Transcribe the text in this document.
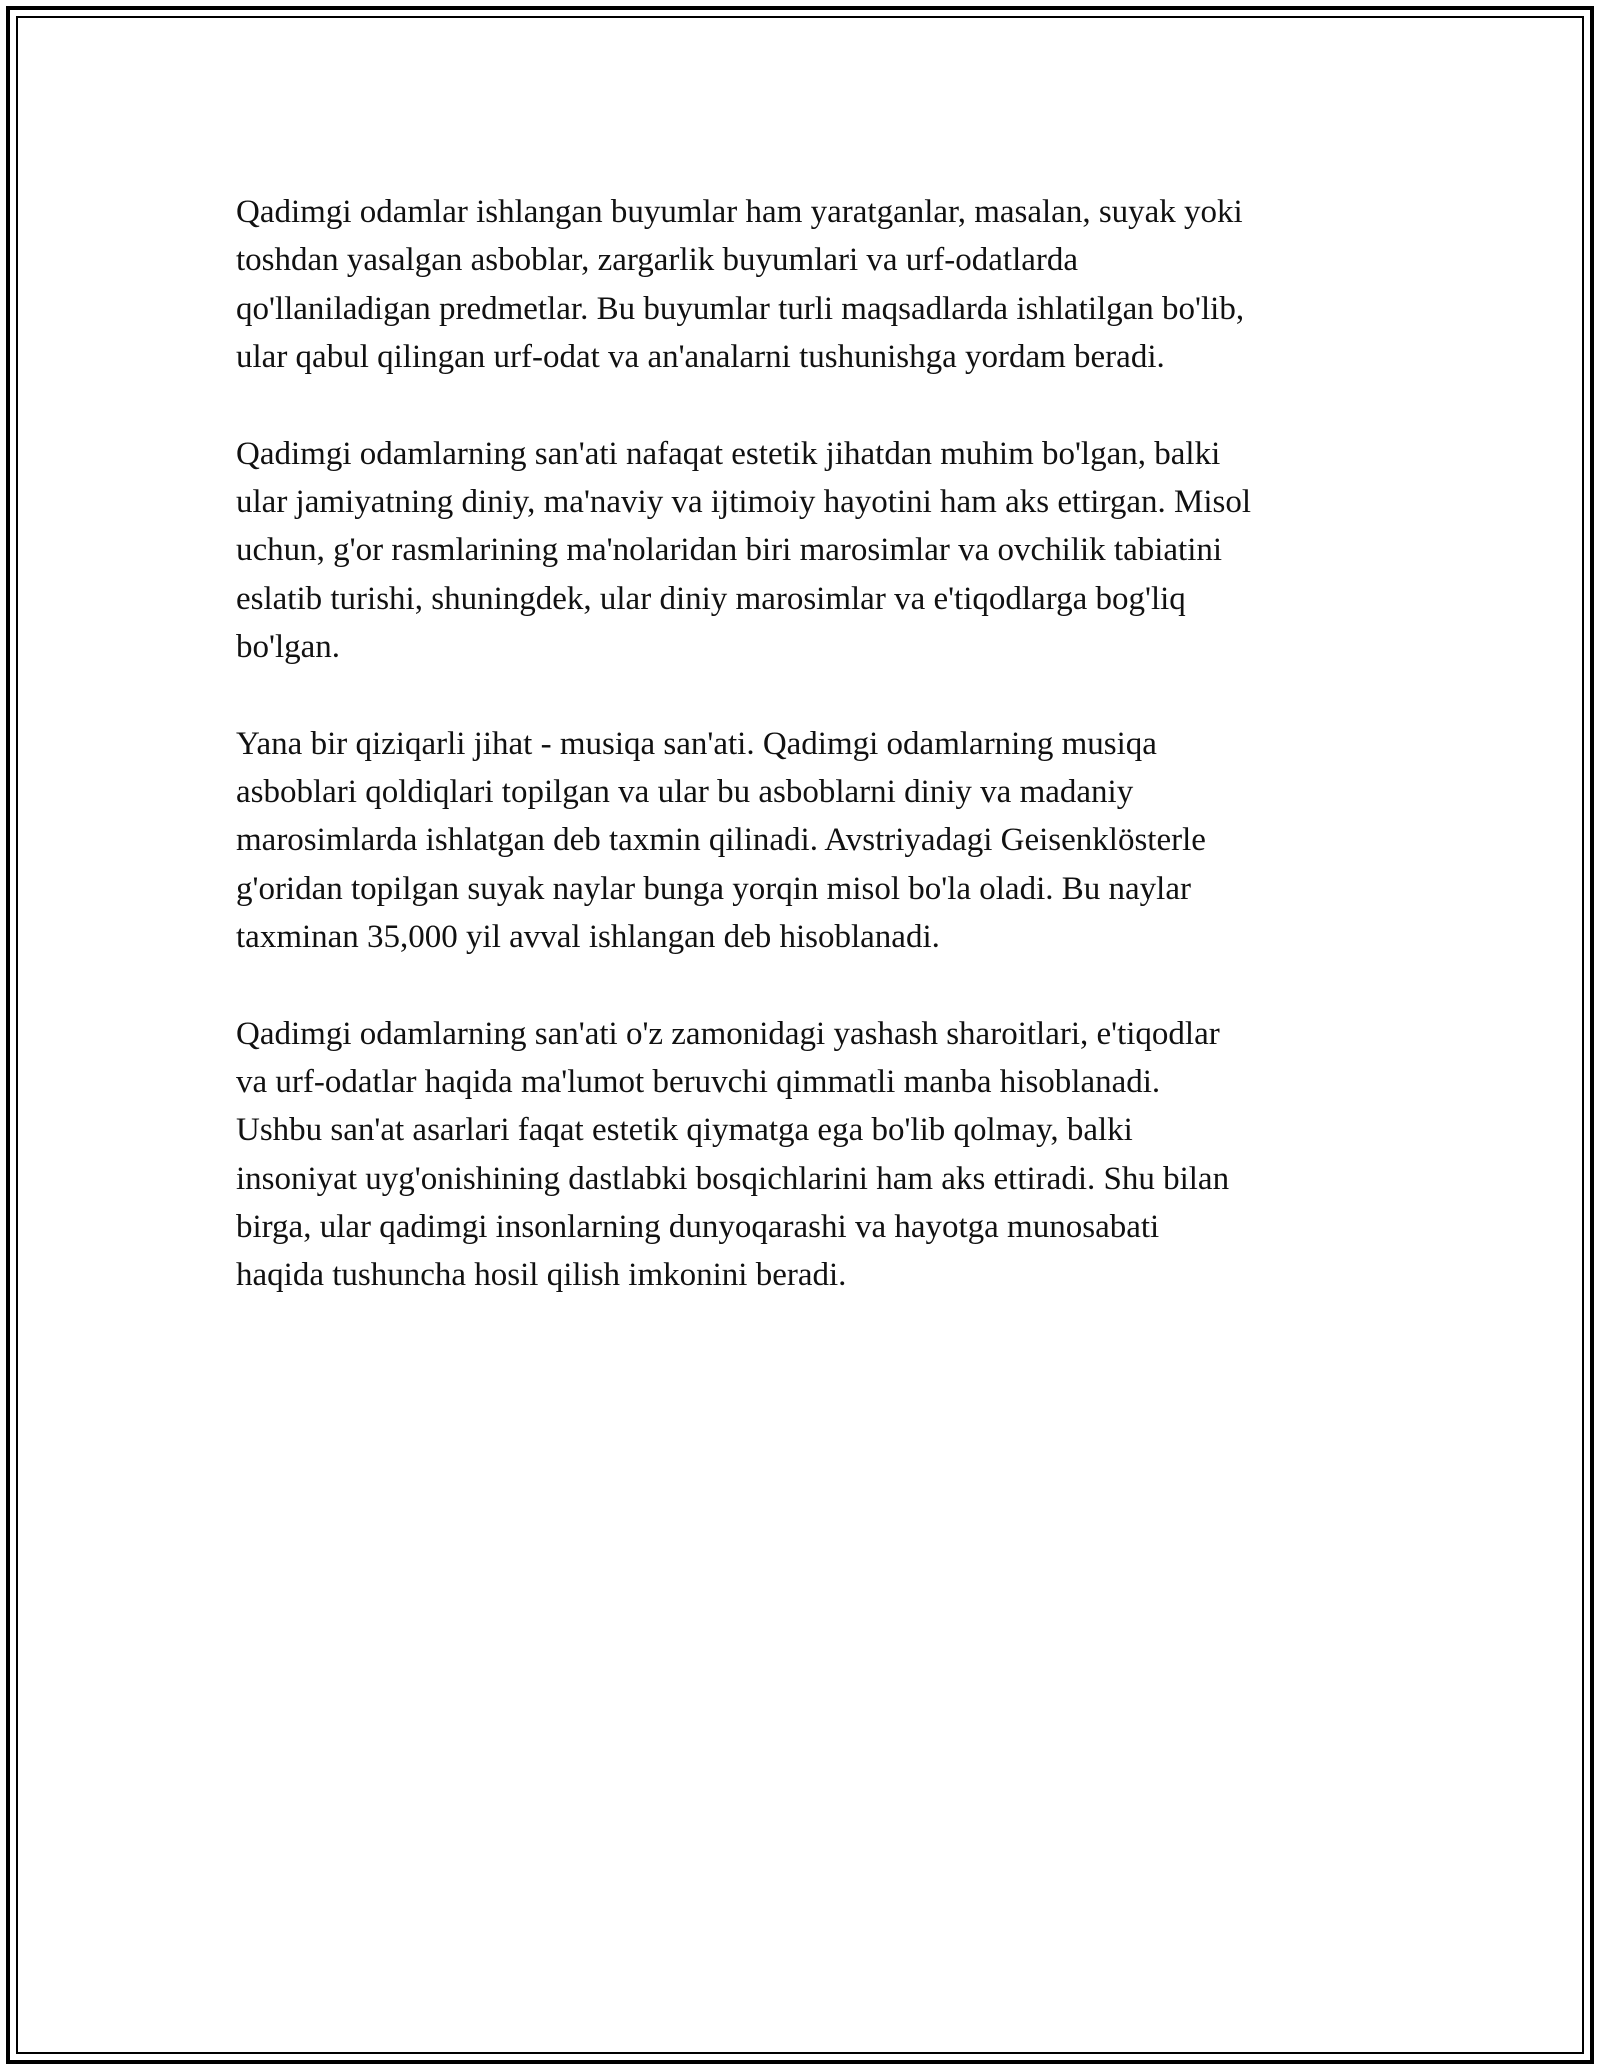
Qadimgi odamlar ishlangan buyumlar ham yaratganlar, masalan, suyak yoki
toshdan yasalgan asboblar, zargarlik buyumlari va urf-odatlarda
qo'llaniladigan predmetlar. Bu buyumlar turli maqsadlarda ishlatilgan bo'lib,
ular qabul qilingan urf-odat va an'analarni tushunishga yordam beradi.

Qadimgi odamlarning san'ati nafaqat estetik jihatdan muhim bo'lgan, balki
ular jamiyatning diniy, ma'naviy va ijtimoiy hayotini ham aks ettirgan. Misol
uchun, g'or rasmlarining ma'nolaridan biri marosimlar va ovchilik tabiatini
eslatib turishi, shuningdek, ular diniy marosimlar va e'tiqodlarga bog'liq
bo'lgan.

Yana bir qiziqarli jihat - musiqa san'ati. Qadimgi odamlarning musiqa
asboblari qoldiqlari topilgan va ular bu asboblarni diniy va madaniy
marosimlarda ishlatgan deb taxmin qilinadi. Avstriyadagi Geisenklösterle
g'oridan topilgan suyak naylar bunga yorqin misol bo'la oladi. Bu naylar
taxminan 35,000 yil avval ishlangan deb hisoblanadi.

Qadimgi odamlarning san'ati o'z zamonidagi yashash sharoitlari, e'tiqodlar
va urf-odatlar haqida ma'lumot beruvchi qimmatli manba hisoblanadi.
Ushbu san'at asarlari faqat estetik qiymatga ega bo'lib qolmay, balki
insoniyat uyg'onishining dastlabki bosqichlarini ham aks ettiradi. Shu bilan
birga, ular qadimgi insonlarning dunyoqarashi va hayotga munosabati
haqida tushuncha hosil qilish imkonini beradi.
